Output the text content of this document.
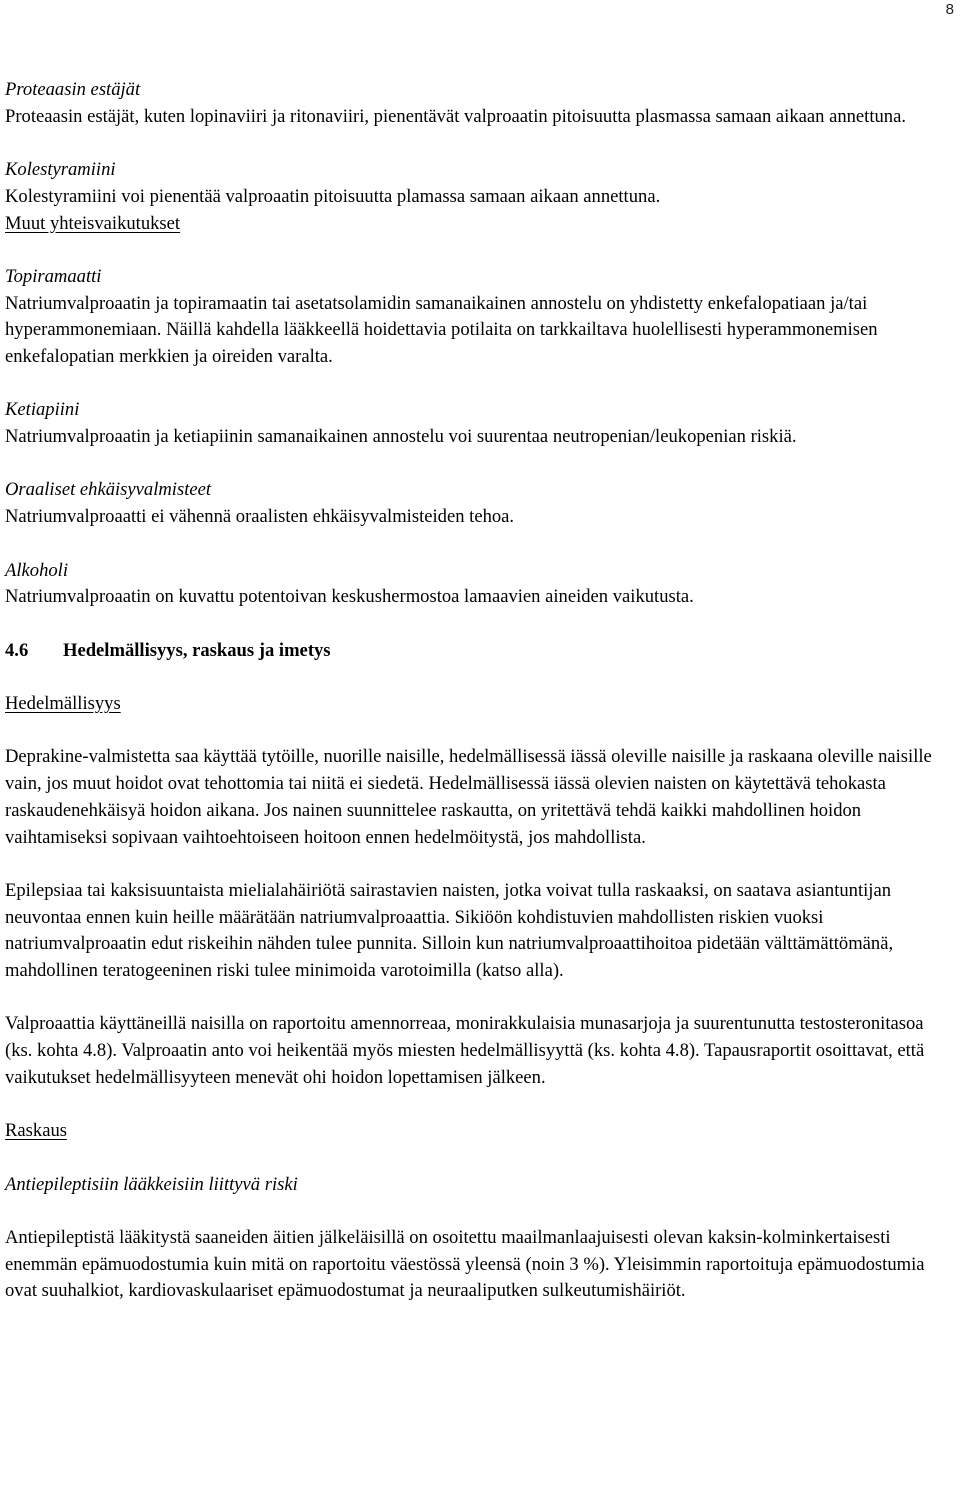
8

Proteaasin estäjät

Proteaasin estäjät, kuten lopinaviiri ja ritonaviiri, pienentävät valproaatin pitoisuutta plasmassa samaan aikaan annettuna.

Kolestyramiini

Kolestyramiini voi pienentää valproaatin pitoisuutta plamassa samaan aikaan annettuna.

Muut yhteisvaikutukset

Topiramaatti

Natriumvalproaatin ja topiramaatin tai asetatsolamidin samanaikainen annostelu on yhdistetty enkefalopatiaan ja/tai hyperammonemiaan. Näillä kahdella lääkkeellä hoidettavia potilaita on tarkkailtava huolellisesti hyperammonemisen enkefalopatian merkkien ja oireiden varalta.

Ketiapiini

Natriumvalproaatin ja ketiapiinin samanaikainen annostelu voi suurentaa neutropenian/leukopenian riskiä.

Oraaliset ehkäisyvalmisteet

Natriumvalproaatti ei vähennä oraalisten ehkäisyvalmisteiden tehoa.

Alkoholi

Natriumvalproaatin on kuvattu potentoivan keskushermostoa lamaavien aineiden vaikutusta.

4.6 Hedelmällisyys, raskaus ja imetys

Hedelmällisyys

Deprakine-valmistetta saa käyttää tytöille, nuorille naisille, hedelmällisessä iässä oleville naisille ja raskaana oleville naisille vain, jos muut hoidot ovat tehottomia tai niitä ei siedetä. Hedelmällisessä iässä olevien naisten on käytettävä tehokasta raskaudenehkäisyä hoidon aikana. Jos nainen suunnittelee raskautta, on yritettävä tehdä kaikki mahdollinen hoidon vaihtamiseksi sopivaan vaihtoehtoiseen hoitoon ennen hedelmöitystä, jos mahdollista.

Epilepsiaa tai kaksisuuntaista mielialahäiriötä sairastavien naisten, jotka voivat tulla raskaaksi, on saatava asiantuntijan neuvontaa ennen kuin heille määrätään natriumvalproaattia. Sikiöön kohdistuvien mahdollisten riskien vuoksi natriumvalproaatin edut riskeihin nähden tulee punnita. Silloin kun natriumvalproaattihoitoa pidetään välttämättömänä, mahdollinen teratogeeninen riski tulee minimoida varotoimilla (katso alla).

Valproaattia käyttäneillä naisilla on raportoitu amennorreaa, monirakkulaisia munasarjoja ja suurentunutta testosteronitasoa (ks. kohta 4.8). Valproaatin anto voi heikentää myös miesten hedelmällisyyttä (ks. kohta 4.8). Tapausraportit osoittavat, että vaikutukset hedelmällisyyteen menevät ohi hoidon lopettamisen jälkeen.

Raskaus

Antiepileptisiin lääkkeisiin liittyvä riski

Antiepileptistä lääkitystä saaneiden äitien jälkeläisillä on osoitettu maailmanlaajuisesti olevan kaksin-kolminkertaisesti enemmän epämuodostumia kuin mitä on raportoitu väestössä yleensä (noin 3 %). Yleisimmin raportoituja epämuodostumia ovat suuhalkiot, kardiovaskulaariset epämuodostumat ja neuraaliputken sulkeutumishäiriöt.
